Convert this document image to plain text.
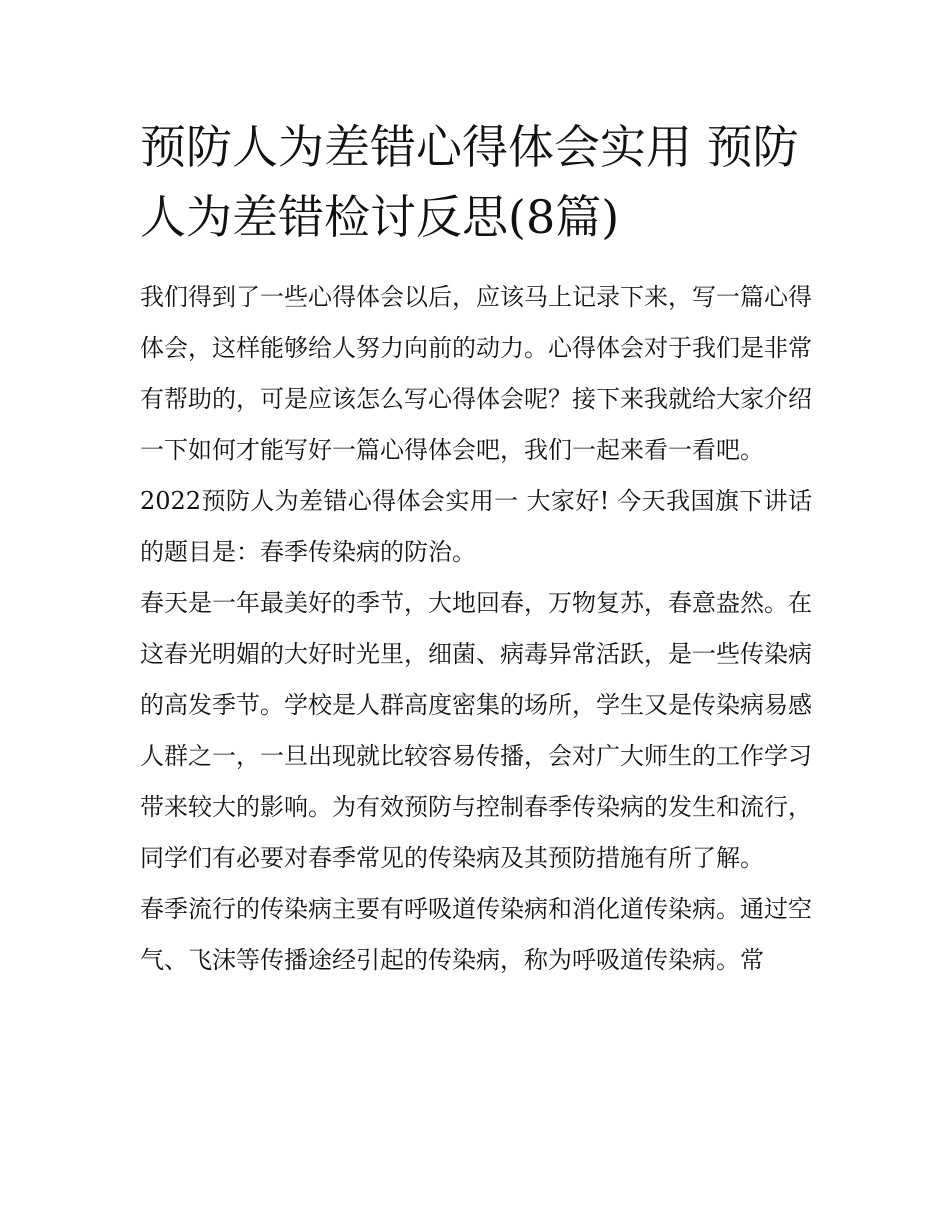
预防人为差错心得体会实用 预防人为差错检讨反思(8篇)

我们得到了一些心得体会以后，应该马上记录下来，写一篇心得体会，这样能够给人努力向前的动力。心得体会对于我们是非常有帮助的，可是应该怎么写心得体会呢？接下来我就给大家介绍一下如何才能写好一篇心得体会吧，我们一起来看一看吧。

2022预防人为差错心得体会实用一 大家好! 今天我国旗下讲话的题目是：春季传染病的防治。

春天是一年最美好的季节，大地回春，万物复苏，春意盎然。在这春光明媚的大好时光里，细菌、病毒异常活跃，是一些传染病的高发季节。学校是人群高度密集的场所，学生又是传染病易感人群之一，一旦出现就比较容易传播，会对广大师生的工作学习带来较大的影响。为有效预防与控制春季传染病的发生和流行，同学们有必要对春季常见的传染病及其预防措施有所了解。

春季流行的传染病主要有呼吸道传染病和消化道传染病。通过空气、飞沫等传播途经引起的传染病，称为呼吸道传染病。常
